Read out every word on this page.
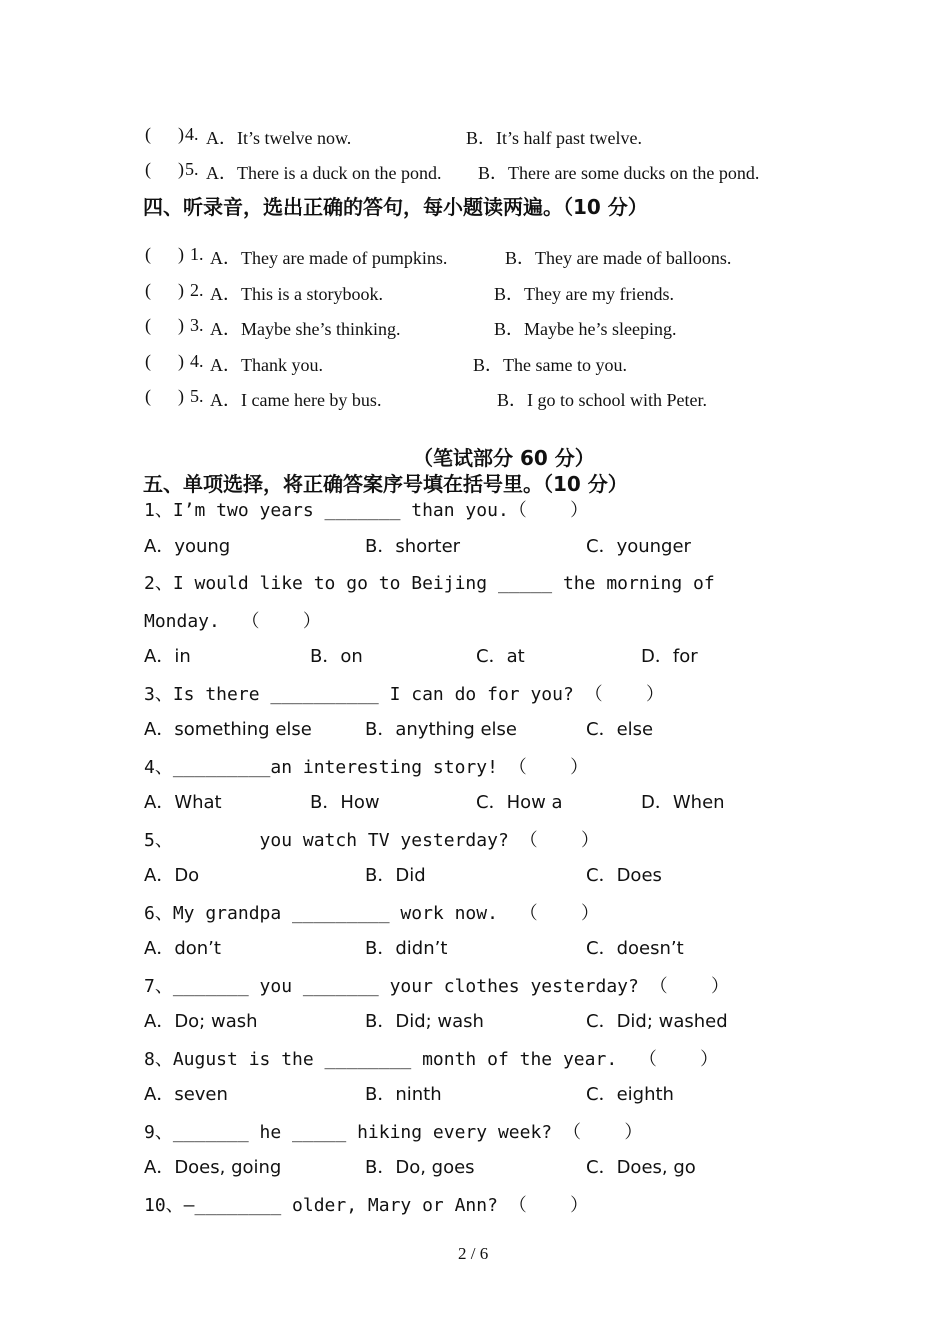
(      ) 4. A．It’s twelve now.	B．It’s half past twelve.
(      ) 5. A．There is a duck on the pond. B．There are some ducks on the pond.
四、听录音，选出正确的答句，每小题读两遍。（10 分）
(      ) 1. A．They are made of pumpkins.	B．They are made of balloons.
(      ) 2. A．This is a storybook.	B．They are my friends.
(      ) 3. A．Maybe she’s thinking.	B．Maybe he’s sleeping.
(      ) 4. A．Thank you.	B．The same to you.
(      ) 5. A．I came here by bus.	B．I go to school with Peter.
（笔试部分 60 分）
五、单项选择，将正确答案序号填在括号里。（10 分）
1、I’m two years _______ than you.（    ）
A．young	B．shorter	C．younger
2、I would like to go to Beijing _____ the morning of
Monday.  （    ）
A．in	B．on	C．at	D．for
3、Is there __________ I can do for you? （    ）
A．something else	B．anything else	C．else
4、_________an interesting story! （    ）
A．What	B．How	C．How a	D．When
5、        you watch TV yesterday? （    ）
A．Do	B．Did	C．Does
6、My grandpa _________ work now.  （    ）
A．don’t	B．didn’t	C．doesn’t
7、_______ you _______ your clothes yesterday? （    ）
A．Do; wash	B．Did; wash	C．Did; washed
8、August is the ________ month of the year.  （    ）
A．seven	B．ninth	C．eighth
9、_______ he _____ hiking every week? （    ）
A．Does, going	B．Do, goes	C．Does, go
10、—________ older, Mary or Ann? （    ）
2 / 6
